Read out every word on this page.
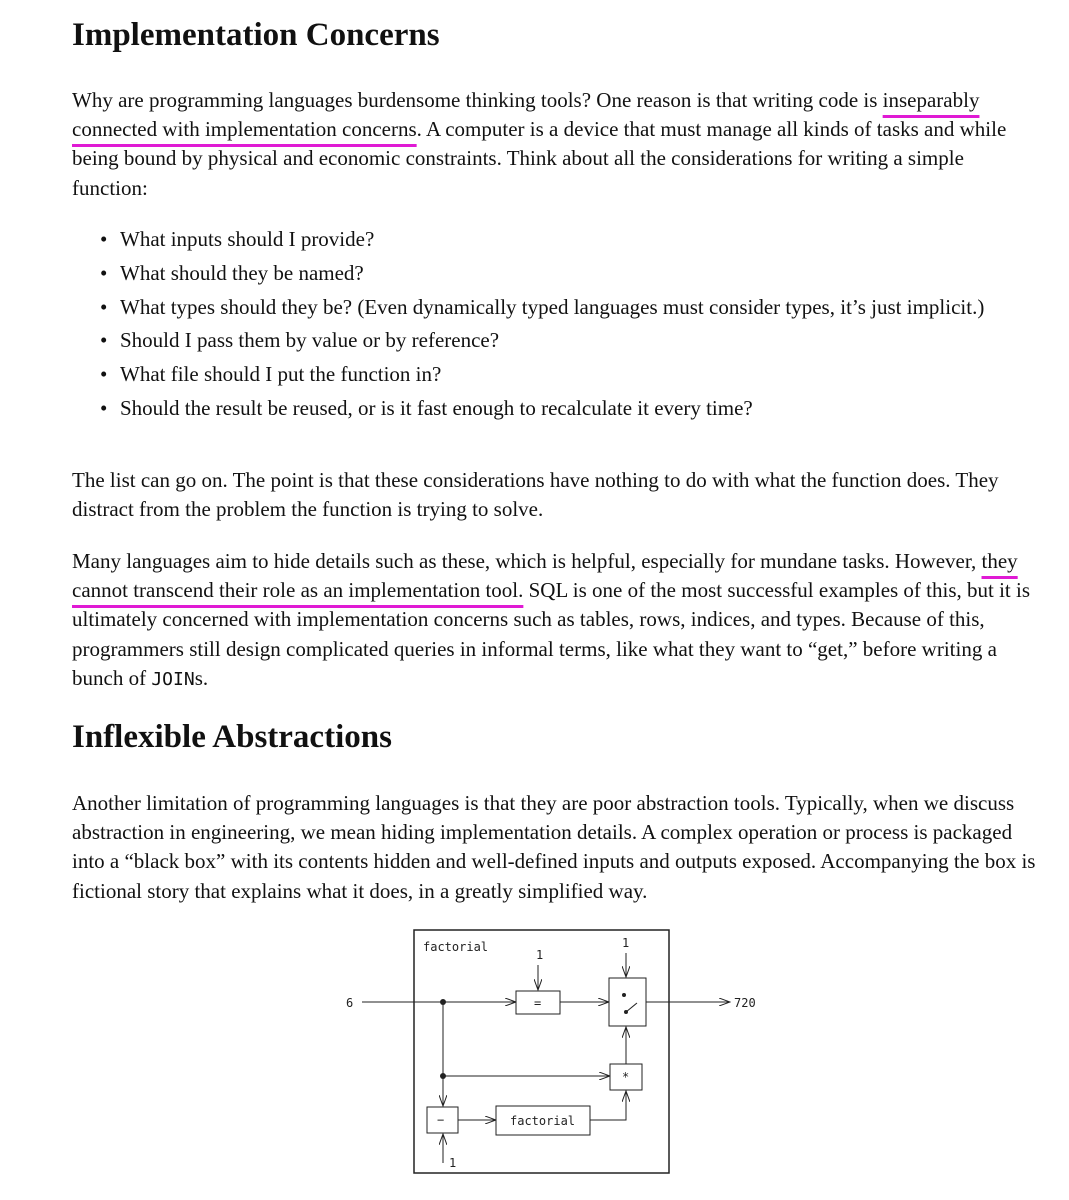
Implementation Concerns

Why are programming languages burdensome thinking tools? One reason is that writing code is inseparably connected with implementation concerns. A computer is a device that must manage all kinds of tasks and while being bound by physical and economic constraints. Think about all the considerations for writing a simple function:

• What inputs should I provide?
• What should they be named?
• What types should they be? (Even dynamically typed languages must consider types, it’s just implicit.)
• Should I pass them by value or by reference?
• What file should I put the function in?
• Should the result be reused, or is it fast enough to recalculate it every time?

The list can go on. The point is that these considerations have nothing to do with what the function does. They distract from the problem the function is trying to solve.

Many languages aim to hide details such as these, which is helpful, especially for mundane tasks. However, they cannot transcend their role as an implementation tool. SQL is one of the most successful examples of this, but it is ultimately concerned with implementation concerns such as tables, rows, indices, and types. Because of this, programmers still design complicated queries in informal terms, like what they want to “get,” before writing a bunch of JOINs.

Inflexible Abstractions

Another limitation of programming languages is that they are poor abstraction tools. Typically, when we discuss abstraction in engineering, we mean hiding implementation details. A complex operation or process is packaged into a “black box” with its contents hidden and well-defined inputs and outputs exposed. Accompanying the box is fictional story that explains what it does, in a greatly simplified way.

factorial
6	=
1
1
720
*
−
1
factorial
